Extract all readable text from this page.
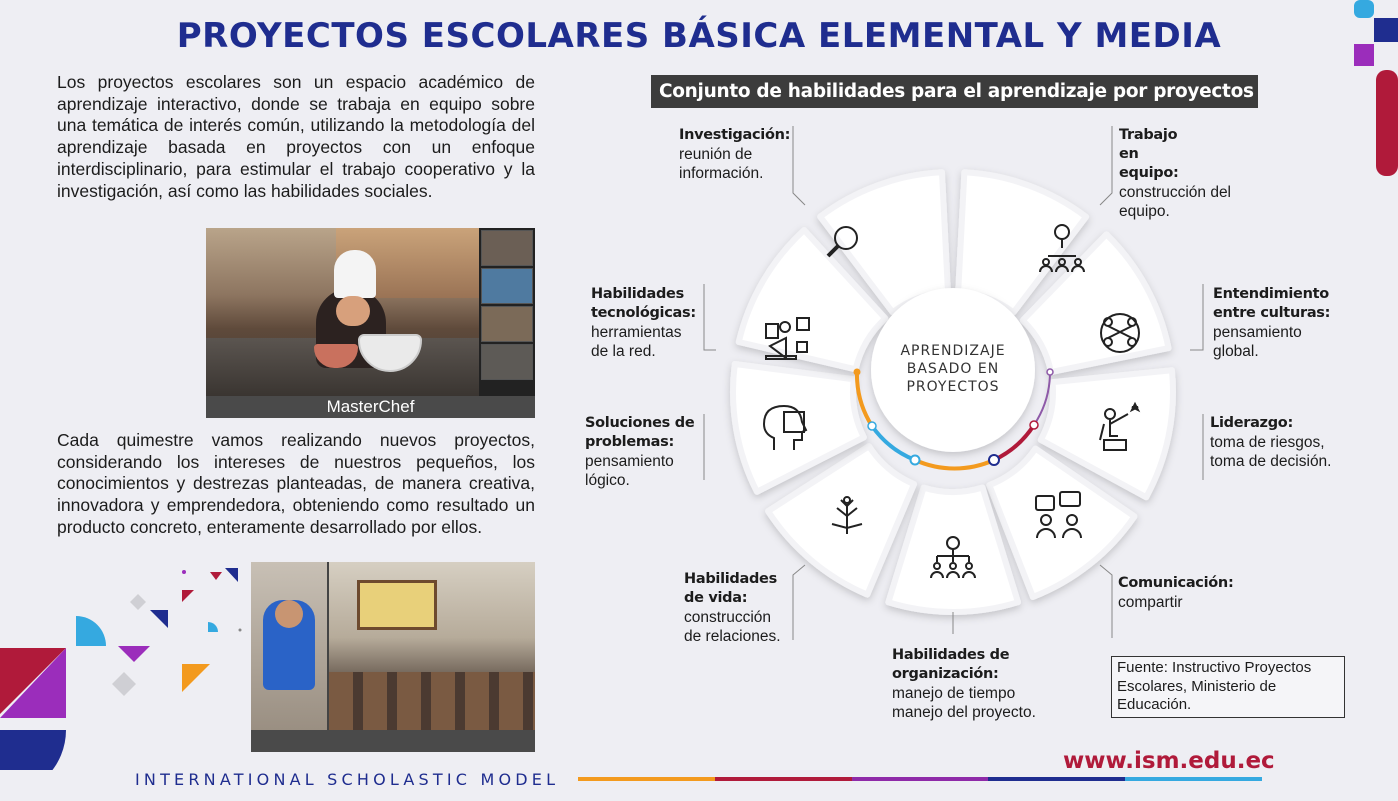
PROYECTOS ESCOLARES BÁSICA ELEMENTAL Y MEDIA

Los proyectos escolares son un espacio académico de aprendizaje interactivo, donde se trabaja en equipo sobre una temática de interés común, utilizando la metodología del aprendizaje basada en proyectos con un enfoque interdisciplinario, para estimular el trabajo cooperativo y la investigación, así como las habilidades sociales.

MasterChef

Cada quimestre vamos realizando nuevos proyectos, considerando los intereses de nuestros pequeños, los conocimientos y destrezas planteadas, de manera creativa, innovadora y emprendedora, obteniendo como resultado un producto concreto, enteramente desarrollado por ellos.

Conjunto de habilidades para el aprendizaje por proyectos
APRENDIZAJE
BASADO EN
PROYECTOS
Investigación:
reunión de
información.
Trabajo en equipo:
construcción del
equipo.
Entendimiento entre culturas:
pensamiento
global.
Liderazgo:
toma de riesgos,
toma de decisión.
Comunicación:
compartir
Habilidades de organización:
manejo de tiempo
manejo del proyecto.
Habilidades de vida:
construcción
de relaciones.
Soluciones de problemas:
pensamiento
lógico.
Habilidades tecnológicas:
herramientas
de la red.
Fuente: Instructivo Proyectos Escolares, Ministerio de Educación.
INTERNATIONAL SCHOLASTIC MODEL
www.ism.edu.ec
